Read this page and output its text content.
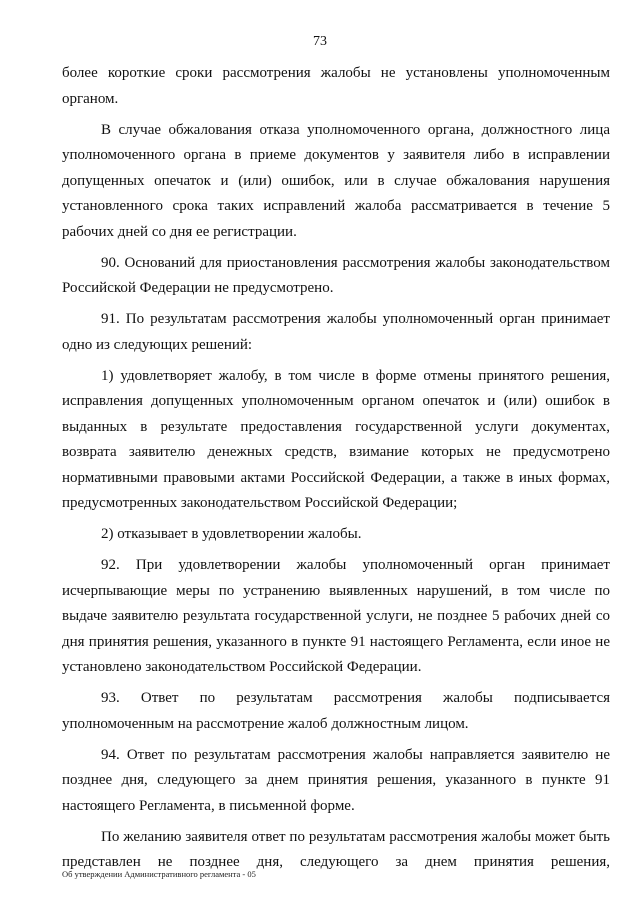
73

более короткие сроки рассмотрения жалобы не установлены уполномоченным органом.

В случае обжалования отказа уполномоченного органа, должностного лица уполномоченного органа в приеме документов у заявителя либо в исправлении допущенных опечаток и (или) ошибок, или в случае обжалования нарушения установленного срока таких исправлений жалоба рассматривается в течение 5 рабочих дней со дня ее регистрации.

90. Оснований для приостановления рассмотрения жалобы законодательством Российской Федерации не предусмотрено.

91. По результатам рассмотрения жалобы уполномоченный орган принимает одно из следующих решений:

1) удовлетворяет жалобу, в том числе в форме отмены принятого решения, исправления допущенных уполномоченным органом опечаток и (или) ошибок в выданных в результате предоставления государственной услуги документах, возврата заявителю денежных средств, взимание которых не предусмотрено нормативными правовыми актами Российской Федерации, а также в иных формах, предусмотренных законодательством Российской Федерации;

2) отказывает в удовлетворении жалобы.

92. При удовлетворении жалобы уполномоченный орган принимает исчерпывающие меры по устранению выявленных нарушений, в том числе по выдаче заявителю результата государственной услуги, не позднее 5 рабочих дней со дня принятия решения, указанного в пункте 91 настоящего Регламента, если иное не установлено законодательством Российской Федерации.

93. Ответ по результатам рассмотрения жалобы подписывается уполномоченным на рассмотрение жалоб должностным лицом.

94. Ответ по результатам рассмотрения жалобы направляется заявителю не позднее дня, следующего за днем принятия решения, указанного в пункте 91 настоящего Регламента, в письменной форме.

По желанию заявителя ответ по результатам рассмотрения жалобы может быть представлен не позднее дня, следующего за днем принятия решения,

Об утверждении Административного регламента - 05
